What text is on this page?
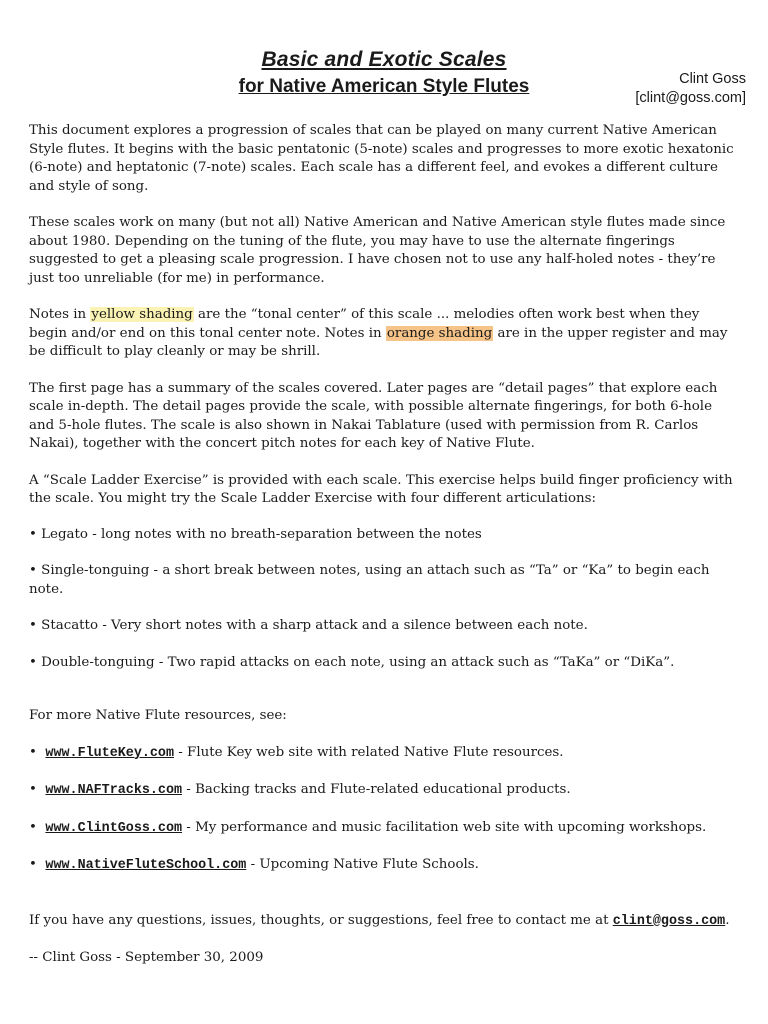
Basic and Exotic Scales
for Native American Style Flutes	Clint Goss
[clint@goss.com]

This document explores a progression of scales that can be played on many current Native American Style flutes. It begins with the basic pentatonic (5-note) scales and progresses to more exotic hexatonic (6-note) and heptatonic (7-note) scales. Each scale has a different feel, and evokes a different culture and style of song.

These scales work on many (but not all) Native American and Native American style flutes made since about 1980. Depending on the tuning of the flute, you may have to use the alternate fingerings suggested to get a pleasing scale progression. I have chosen not to use any half-holed notes - they’re just too unreliable (for me) in performance.

Notes in yellow shading are the “tonal center” of this scale ... melodies often work best when they begin and/or end on this tonal center note. Notes in orange shading are in the upper register and may be difficult to play cleanly or may be shrill.

The first page has a summary of the scales covered. Later pages are “detail pages” that explore each scale in-depth. The detail pages provide the scale, with possible alternate fingerings, for both 6-hole and 5-hole flutes. The scale is also shown in Nakai Tablature (used with permission from R. Carlos Nakai), together with the concert pitch notes for each key of Native Flute.

A “Scale Ladder Exercise” is provided with each scale. This exercise helps build finger proficiency with the scale. You might try the Scale Ladder Exercise with four different articulations:

• Legato - long notes with no breath-separation between the notes

• Single-tonguing - a short break between notes, using an attach such as “Ta” or “Ka” to begin each note.

• Stacatto - Very short notes with a sharp attack and a silence between each note.

• Double-tonguing - Two rapid attacks on each note, using an attack such as “TaKa” or “DiKa”.

For more Native Flute resources, see:

• www.FluteKey.com - Flute Key web site with related Native Flute resources.

• www.NAFTracks.com - Backing tracks and Flute-related educational products.

• www.ClintGoss.com - My performance and music facilitation web site with upcoming workshops.

• www.NativeFluteSchool.com - Upcoming Native Flute Schools.

If you have any questions, issues, thoughts, or suggestions, feel free to contact me at clint@goss.com.

-- Clint Goss - September 30, 2009
